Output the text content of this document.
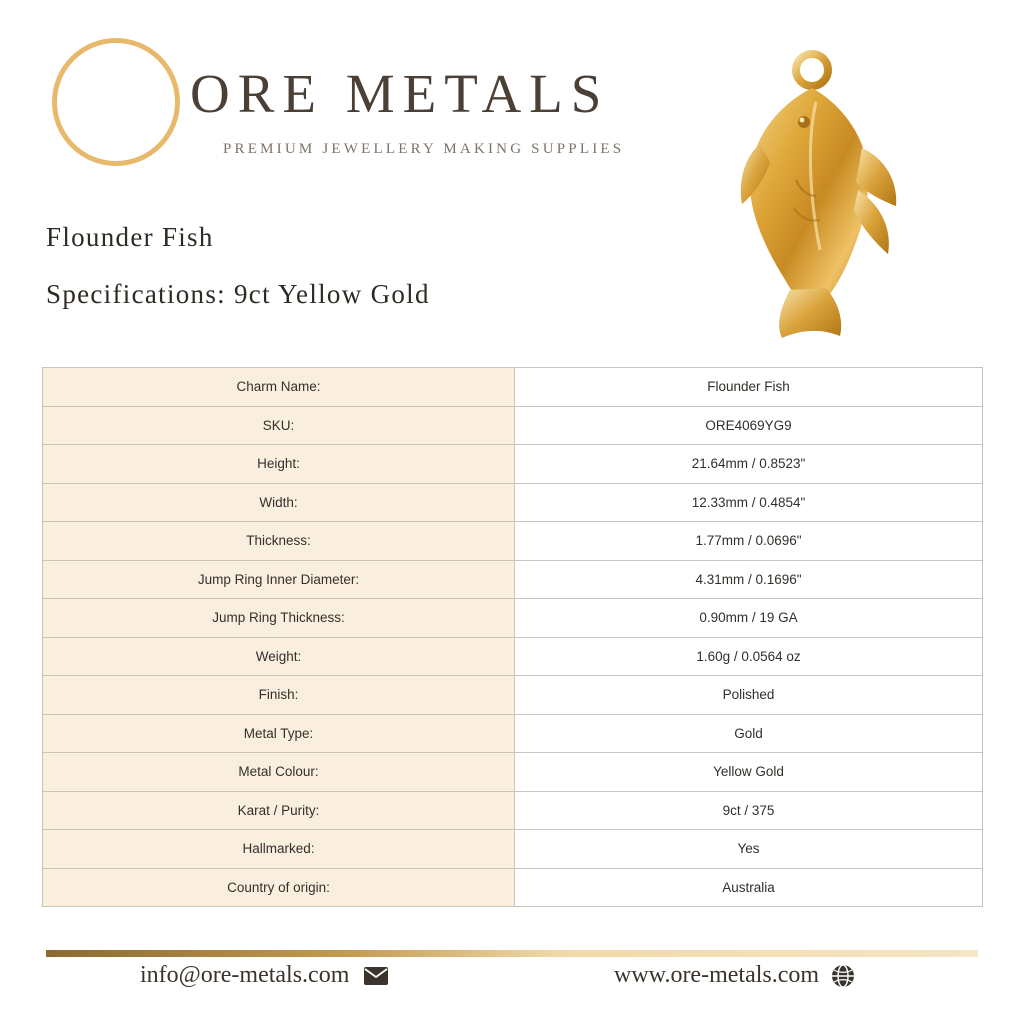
ORE METALS
PREMIUM JEWELLERY MAKING SUPPLIES
Flounder Fish
Specifications: 9ct Yellow Gold
Charm Name:	Flounder Fish
SKU:	ORE4069YG9
Height:	21.64mm / 0.8523"
Width:	12.33mm / 0.4854"
Thickness:	1.77mm / 0.0696"
Jump Ring Inner Diameter:	4.31mm / 0.1696"
Jump Ring Thickness:	0.90mm / 19 GA
Weight:	1.60g / 0.0564 oz
Finish:	Polished
Metal Type:	Gold
Metal Colour:	Yellow Gold
Karat / Purity:	9ct / 375
Hallmarked:	Yes
Country of origin:	Australia
info@ore-metals.com	www.ore-metals.com
